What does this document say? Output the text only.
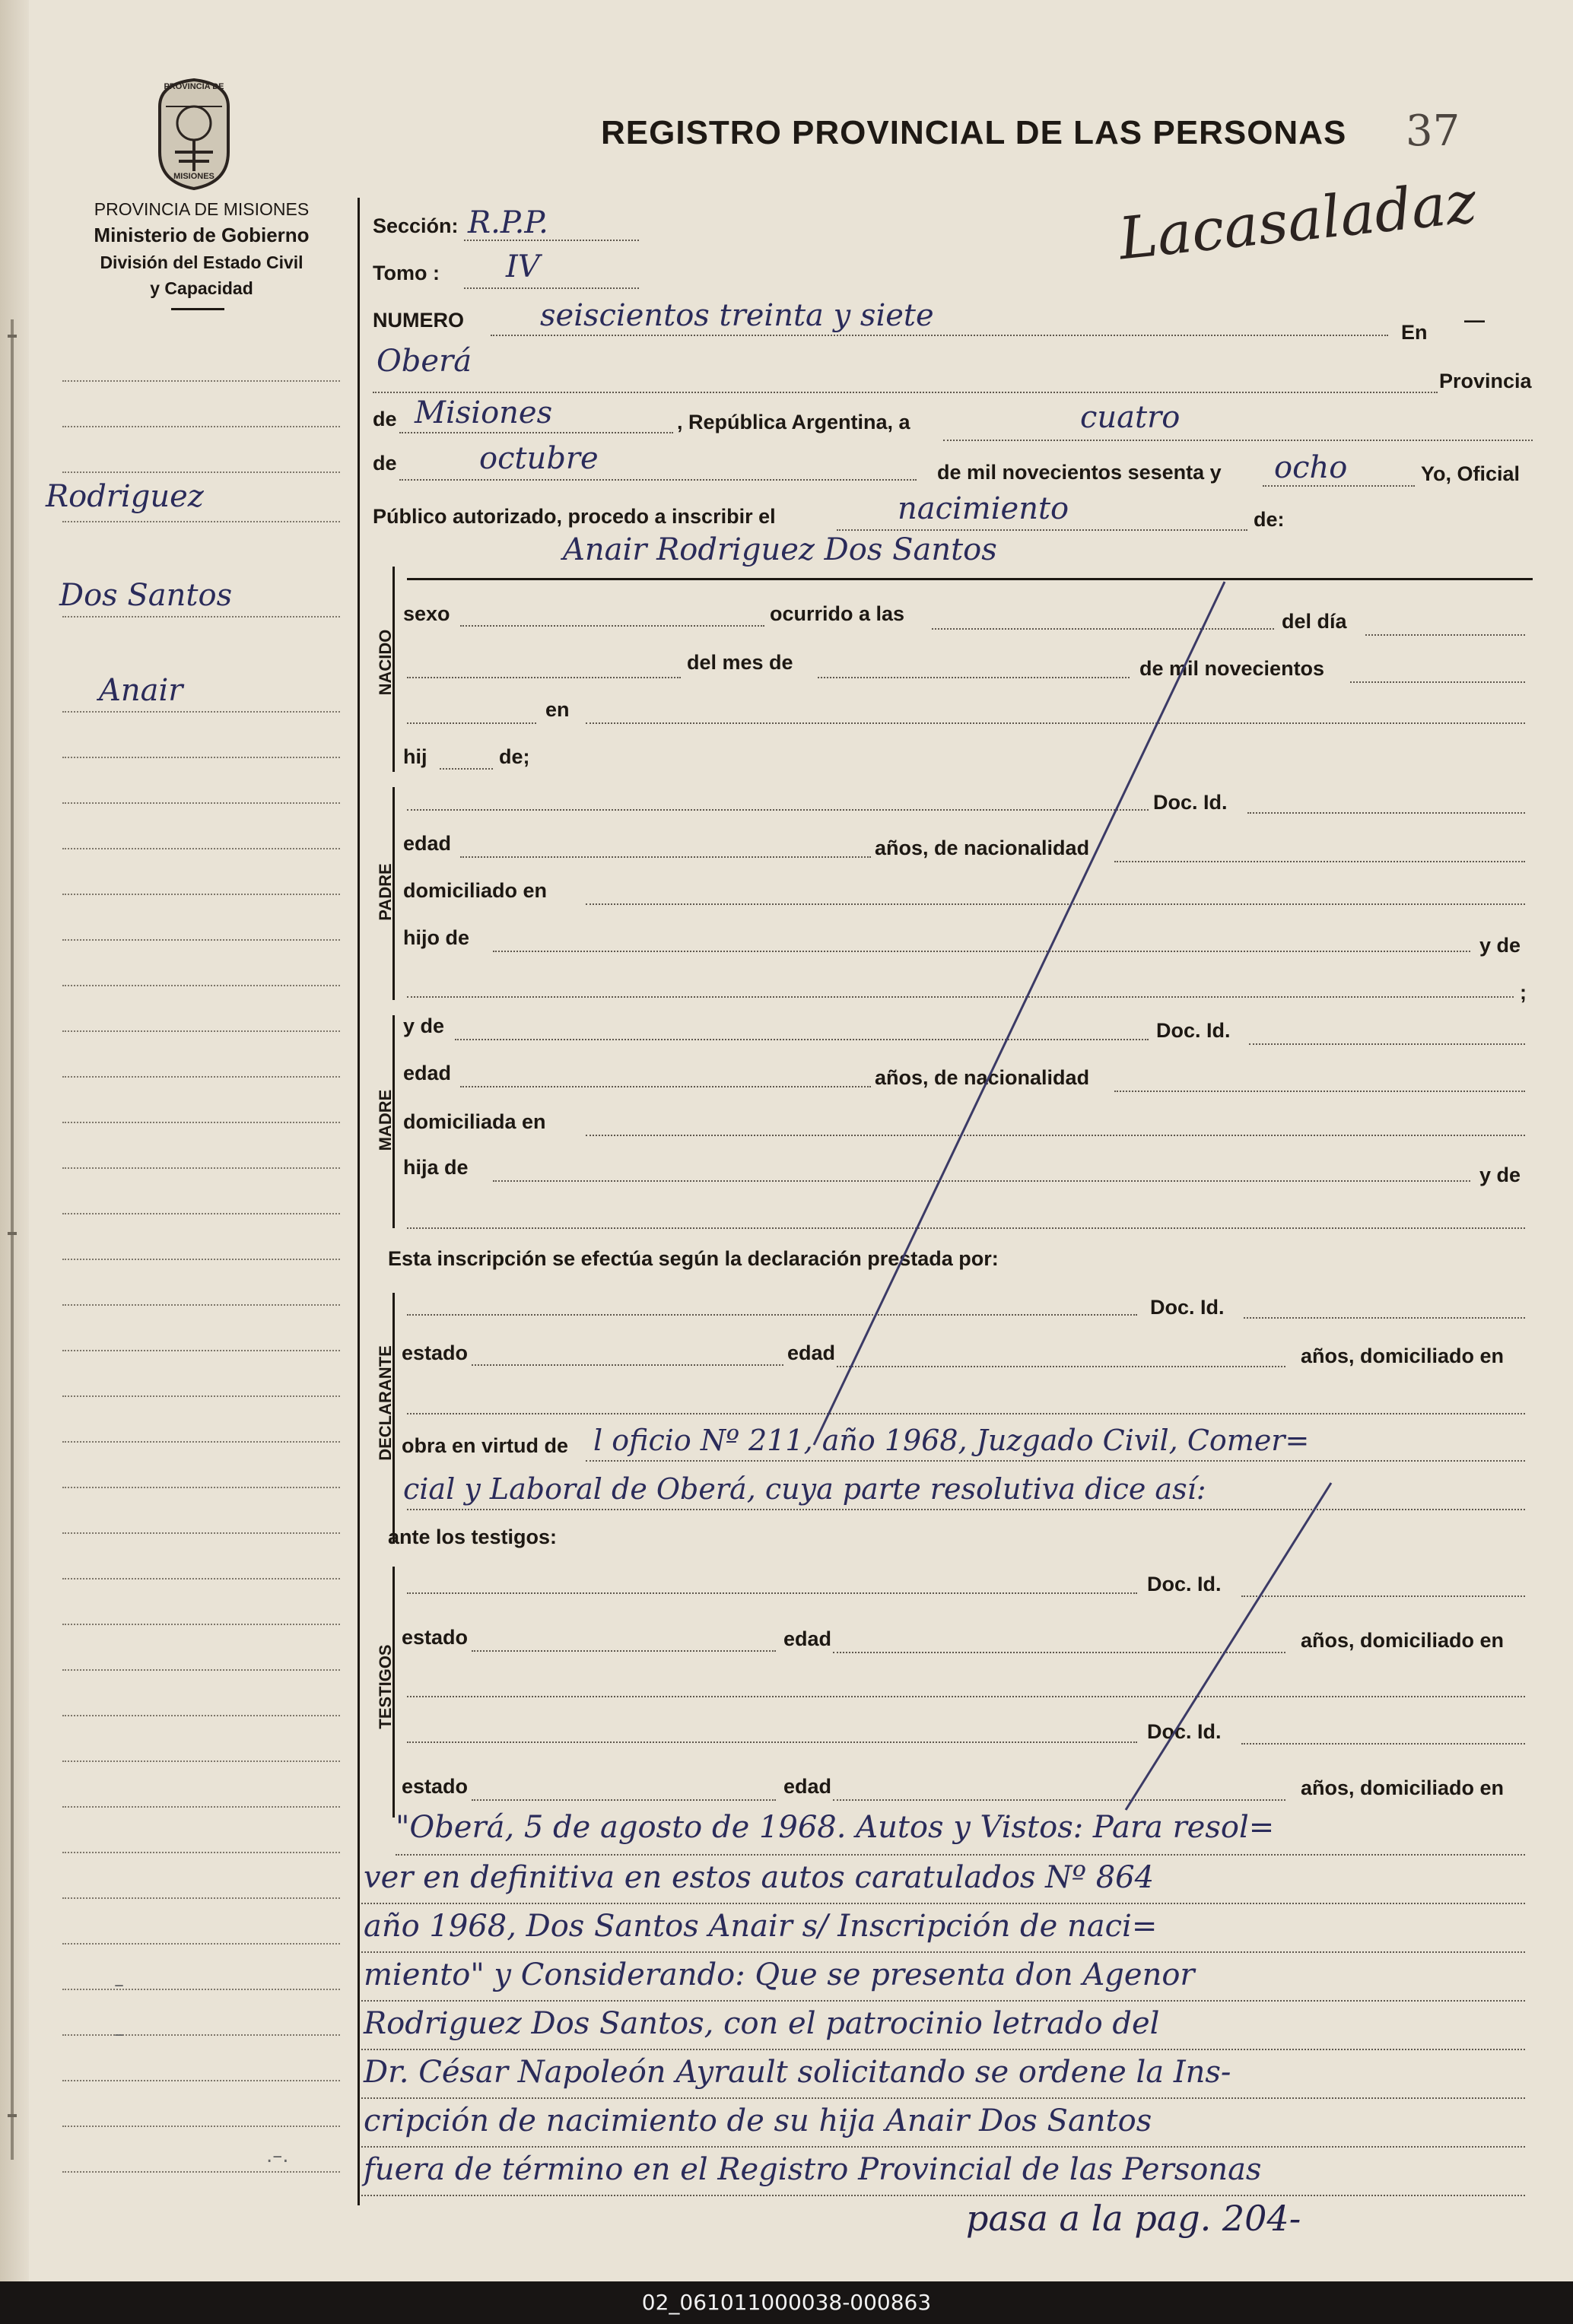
PROVINCIA DE
MISIONES
PROVINCIA DE MISIONES
Ministerio de Gobierno
División del Estado Civil
y Capacidad
REGISTRO PROVINCIAL DE LAS PERSONAS 37
Lacasaladaz
Rodriguez
Dos Santos
Anair
–
–
.–.
Sección: R.P.P.
Tomo : IV
NUMERO	seiscientos treinta y siete	En
—
Oberá
Provincia
de Misiones	, República Argentina, a	cuatro
de	octubre	de mil novecientos sesenta y ocho	Yo, Oficial
Público autorizado, procedo a inscribir el	nacimiento	de:
NACIDO
Anair Rodriguez Dos Santos
sexo	ocurrido a las	del día
del mes de	de mil novecientos
en
hij	de;
PADRE
Doc. Id.
edad	años, de nacionalidad
domiciliado en
hijo de	y de
;
MADRE
y de	Doc. Id.
edad	años, de nacionalidad
domiciliada en
hija de	y de
Esta inscripción se efectúa según la declaración prestada por:
DECLARANTE
Doc. Id.
estado	edad	años, domiciliado en
obra en virtud de l oficio Nº 211, año 1968, Juzgado Civil, Comer=
cial y Laboral de Oberá, cuya parte resolutiva dice así:
ante los testigos:
TESTIGOS
Doc. Id.
estado	edad	años, domiciliado en
Doc. Id.
estado	edad	años, domiciliado en
"Oberá, 5 de agosto de 1968. Autos y Vistos: Para resol=
ver en definitiva en estos autos caratulados Nº 864
año 1968, Dos Santos Anair s/ Inscripción de naci=
miento" y Considerando: Que se presenta don Agenor
Rodriguez Dos Santos, con el patrocinio letrado del
Dr. César Napoleón Ayrault solicitando se ordene la Ins-
cripción de nacimiento de su hija Anair Dos Santos
fuera de término en el Registro Provincial de las Personas
pasa a la pag. 204-
02_061011000038-000863
